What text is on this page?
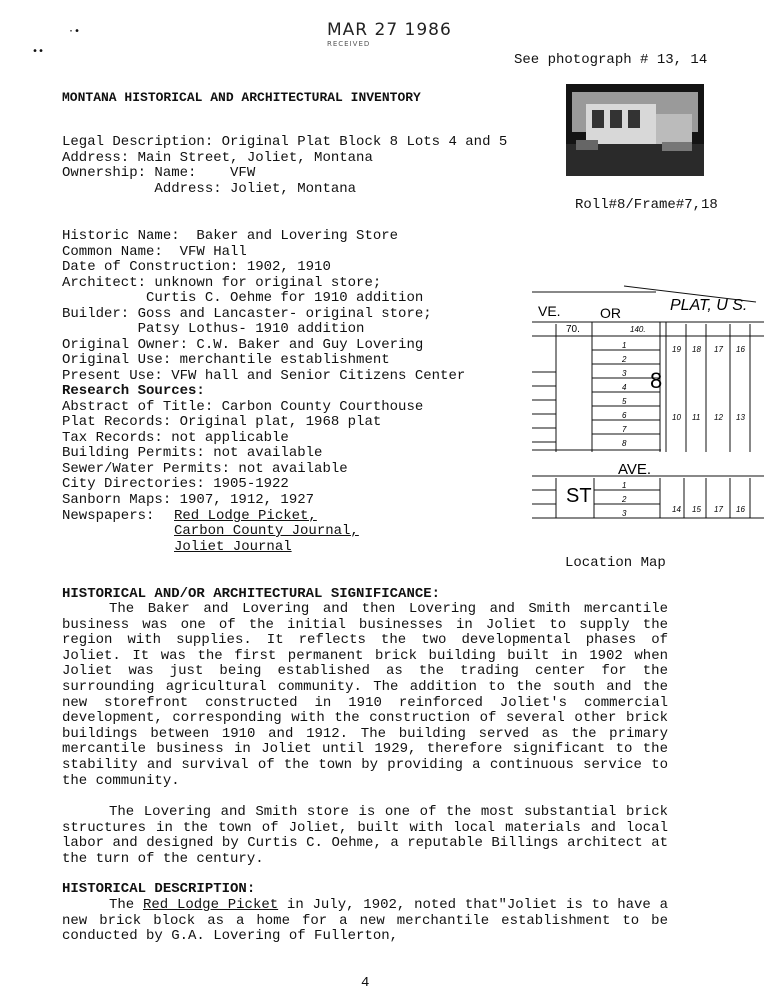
MAR 27 1986
RECEIVED
·•
••
See photograph # 13, 14
MONTANA HISTORICAL AND ARCHITECTURAL INVENTORY
Roll#8/Frame#7,18
Legal Description: Original Plat Block 8 Lots 4 and 5
Address: Main Street, Joliet, Montana
Ownership: Name:    VFW
Address: Joliet, Montana
Historic Name:  Baker and Lovering Store
Common Name:  VFW Hall
Date of Construction: 1902, 1910
Architect: unknown for original store;
Curtis C. Oehme for 1910 addition
Builder: Goss and Lancaster- original store;
Patsy Lothus- 1910 addition
Original Owner: C.W. Baker and Guy Lovering
Original Use: merchantile establishment
Present Use: VFW hall and Senior Citizens Center
Research Sources:
Abstract of Title: Carbon County Courthouse
Plat Records: Original plat, 1968 plat
Tax Records: not applicable
Building Permits: not available
Sewer/Water Permits: not available
City Directories: 1905-1922
Sanborn Maps: 1907, 1912, 1927
Newspapers: Red Lodge Picket,
Carbon County Journal,
Joliet Journal
VE.	OR	PLAT, U S.
70.	140.
8
AVE.
ST
1
2
3
4
5
6
7
8
19 18 17 16
10 11 12 13
14 15 17 16
1
2
3
Location Map
HISTORICAL AND/OR ARCHITECTURAL SIGNIFICANCE:
The Baker and Lovering and then Lovering and Smith mercantile business was one of the initial businesses in Joliet to supply the region with supplies. It reflects the two developmental phases of Joliet. It was the first permanent brick building built in 1902 when Joliet was just being established as the trading center for the surrounding agricultural community. The addition to the south and the new storefront constructed in 1910 reinforced Joliet's commercial development, corresponding with the construction of several other brick buildings between 1910 and 1912. The building served as the primary mercantile business in Joliet until 1929, therefore significant to the stability and survival of the town by providing a continuous service to the community.
The Lovering and Smith store is one of the most substantial brick structures in the town of Joliet, built with local materials and local labor and designed by Curtis C. Oehme, a reputable Billings architect at the turn of the century.
HISTORICAL DESCRIPTION:
The Red Lodge Picket in July, 1902, noted that"Joliet is to have a new brick block as a home for a new merchantile establishment to be conducted by G.A. Lovering of Fullerton,
4
